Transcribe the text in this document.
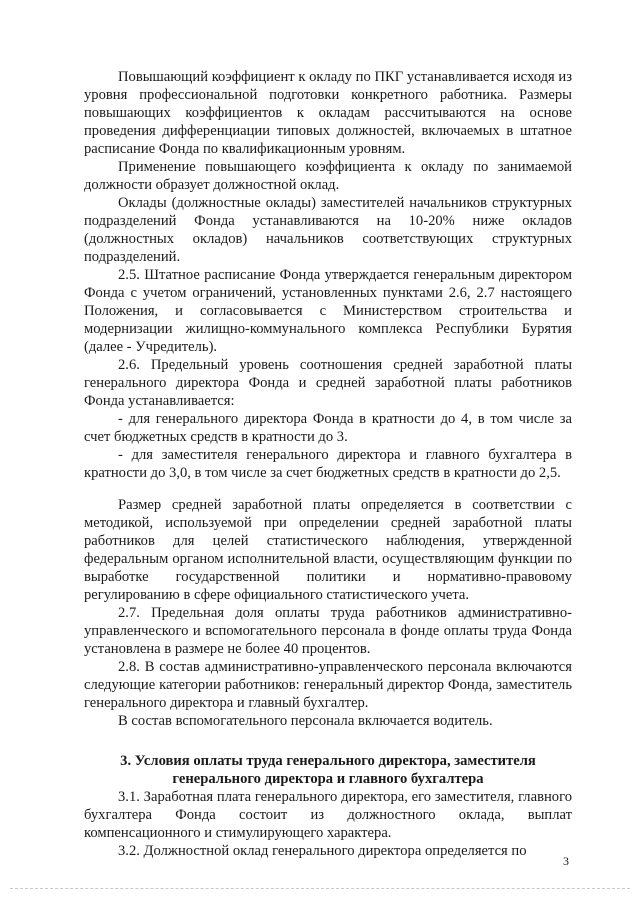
Повышающий коэффициент к окладу по ПКГ устанавливается исходя из уровня профессиональной подготовки конкретного работника. Размеры повышающих коэффициентов к окладам рассчитываются на основе проведения дифференциации типовых должностей, включаемых в штатное расписание Фонда по квалификационным уровням.

Применение повышающего коэффициента к окладу по занимаемой должности образует должностной оклад.

Оклады (должностные оклады) заместителей начальников структурных подразделений Фонда устанавливаются на 10-20% ниже окладов (должностных окладов) начальников соответствующих структурных подразделений.

2.5. Штатное расписание Фонда утверждается генеральным директором Фонда с учетом ограничений, установленных пунктами 2.6, 2.7 настоящего Положения, и согласовывается с Министерством строительства и модернизации жилищно-коммунального комплекса Республики Бурятия (далее - Учредитель).

2.6. Предельный уровень соотношения средней заработной платы генерального директора Фонда и средней заработной платы работников Фонда устанавливается:

- для генерального директора Фонда в кратности до 4, в том числе за счет бюджетных средств в кратности до 3.

- для заместителя генерального директора и главного бухгалтера в кратности до 3,0, в том числе за счет бюджетных средств в кратности до 2,5.

Размер средней заработной платы определяется в соответствии с методикой, используемой при определении средней заработной платы работников для целей статистического наблюдения, утвержденной федеральным органом исполнительной власти, осуществляющим функции по выработке государственной политики и нормативно-правовому регулированию в сфере официального статистического учета.

2.7. Предельная доля оплаты труда работников административно-управленческого и вспомогательного персонала в фонде оплаты труда Фонда установлена в размере не более 40 процентов.

2.8. В состав административно-управленческого персонала включаются следующие категории работников: генеральный директор Фонда, заместитель генерального директора и главный бухгалтер.

В состав вспомогательного персонала включается водитель.

3. Условия оплаты труда генерального директора, заместителя генерального директора и главного бухгалтера

3.1. Заработная плата генерального директора, его заместителя, главного бухгалтера Фонда состоит из должностного оклада, выплат компенсационного и стимулирующего характера.

3.2. Должностной оклад генерального директора определяется по

3
